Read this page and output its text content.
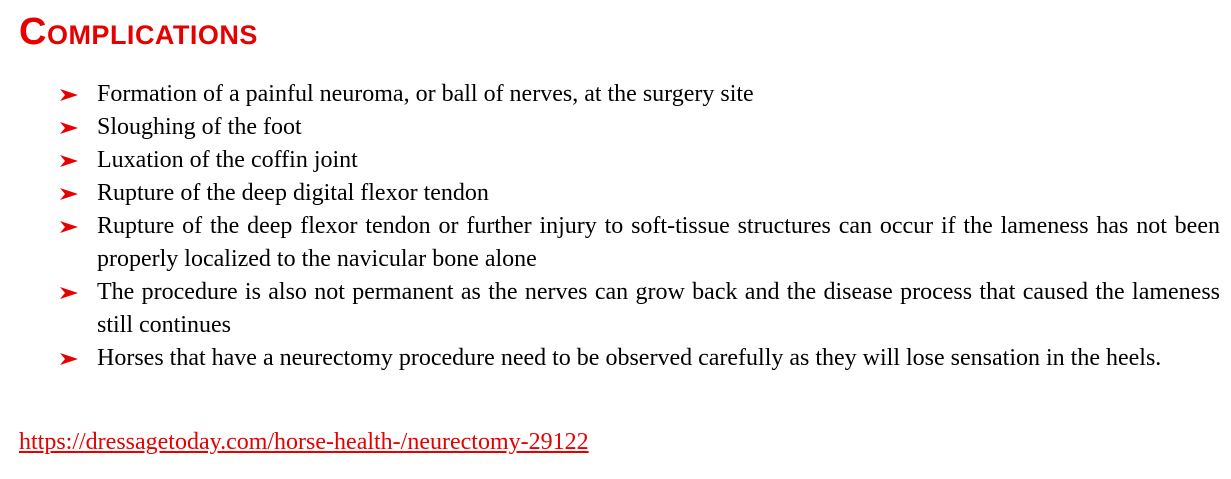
Complications
Formation of a painful neuroma, or ball of nerves, at the surgery site
Sloughing of the foot
Luxation of the coffin joint
Rupture of the deep digital flexor tendon
Rupture of the deep flexor tendon or further injury to soft-tissue structures can occur if the lameness has not been properly localized to the navicular bone alone
The procedure is also not permanent as the nerves can grow back and the disease process that caused the lameness still continues
Horses that have a neurectomy procedure need to be observed carefully as they will lose sensation in the heels.
https://dressagetoday.com/horse-health-/neurectomy-29122
